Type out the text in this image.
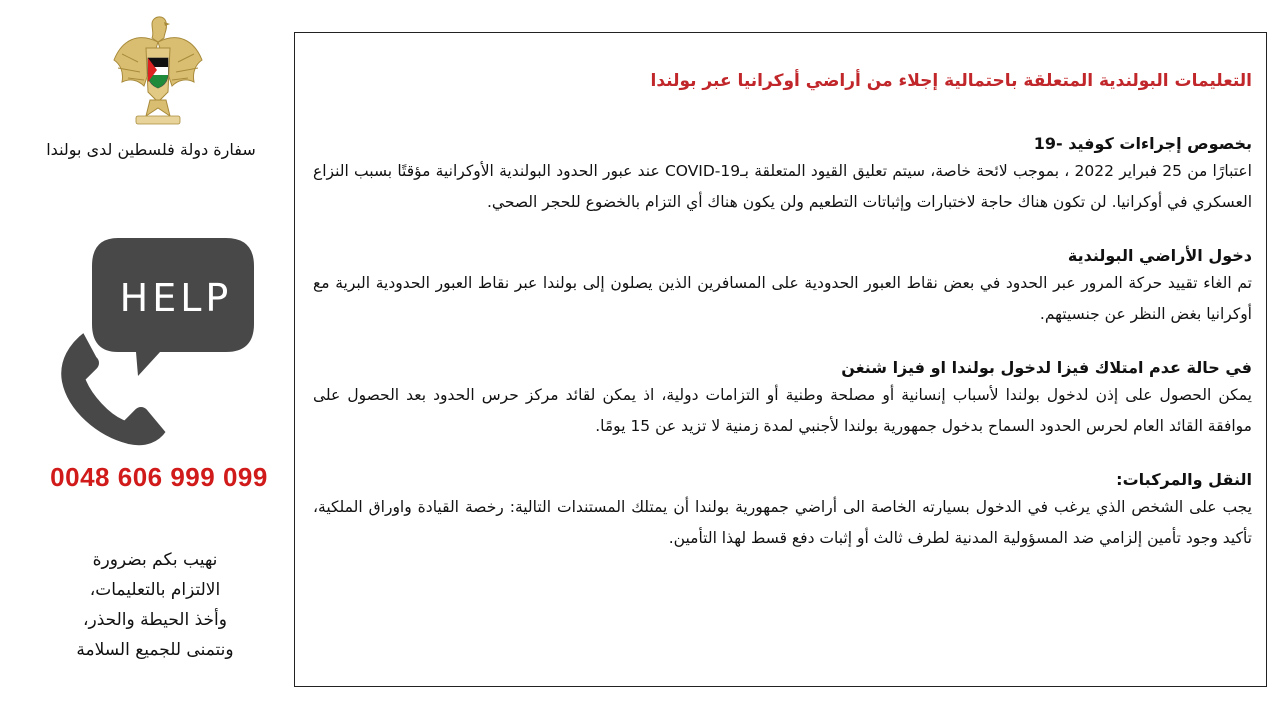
سفارة دولة فلسطين لدى بولندا
HELP
0048 606 999 099
نهيب بكم بضرورة
الالتزام بالتعليمات،
وأخذ الحيطة والحذر،
ونتمنى للجميع السلامة
التعليمات البولندية المتعلقة باحتمالية إجلاء من أراضي أوكرانيا عبر بولندا
بخصوص إجراءات كوفيد -19

اعتبارًا من 25 فبراير 2022 ، بموجب لائحة خاصة، سيتم تعليق القيود المتعلقة بـCOVID-19 عند عبور الحدود البولندية الأوكرانية مؤقتًا بسبب النزاع العسكري في أوكرانيا. لن تكون هناك حاجة لاختبارات وإثباتات التطعيم ولن يكون هناك أي التزام بالخضوع للحجر الصحي.

دخول الأراضي البولندية

تم الغاء تقييد حركة المرور عبر الحدود في بعض نقاط العبور الحدودية على المسافرين الذين يصلون إلى بولندا عبر نقاط العبور الحدودية البرية مع أوكرانيا بغض النظر عن جنسيتهم.

في حالة عدم امتلاك فيزا لدخول بولندا او فيزا شنغن

يمكن الحصول على إذن لدخول بولندا لأسباب إنسانية أو مصلحة وطنية أو التزامات دولية، اذ يمكن لقائد مركز حرس الحدود بعد الحصول على موافقة القائد العام لحرس الحدود السماح بدخول جمهورية بولندا لأجنبي لمدة زمنية لا تزيد عن 15 يومًا.

النقل والمركبات:

يجب على الشخص الذي يرغب في الدخول بسيارته الخاصة الى أراضي جمهورية بولندا أن يمتلك المستندات التالية: رخصة القيادة واوراق الملكية، تأكيد وجود تأمين إلزامي ضد المسؤولية المدنية لطرف ثالث أو إثبات دفع قسط لهذا التأمين.
